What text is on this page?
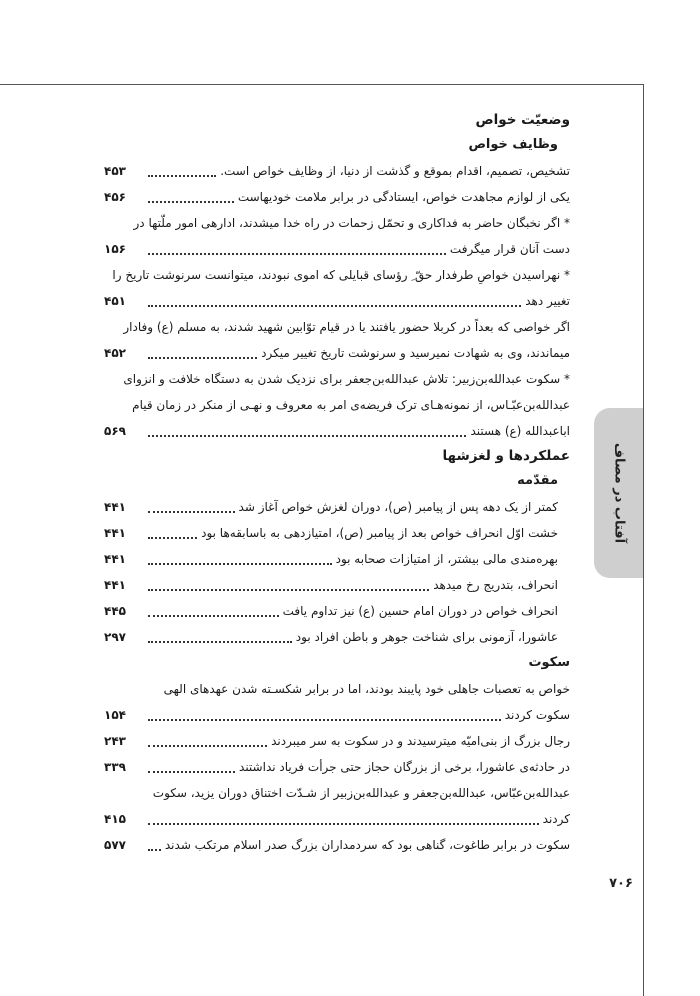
آفتاب در مصاف
۷۰۶
وضعیّت خواص
وظایف خواص
تشخیص، تصمیم، اقدام بموقع و گذشت از دنیا، از وظایف خواص است.
۴۵۳
یکی از لوازم مجاهدت خواص، ایستادگی در برابر ملامت خودیهاست
۴۵۶
* اگر نخبگان حاضر به فداکاری و تحمّل زحمات در راه خدا میشدند، ادارهی امور ملّتها در
دست آنان قرار میگرفت
۱۵۶
* نهراسیدن خواصِ طرفدار حقّ ِ رؤسای قبایلی که اموی نبودند، میتوانست سرنوشت تاریخ را
تغییر دهد
۴۵۱
اگر خواصی که بعداً در کربلا حضور یافتند یا در قیام توّابین شهید شدند، به مسلم (ع) وفادار
میماندند، وی به شهادت نمیرسید و سرنوشت تاریخ تغییر میکرد
۴۵۲
* سکوت عبدالله‌بن‌زبیر: تلاش عبدالله‌بن‌جعفر برای نزدیک شدن به دستگاه خلافت و انزوای
عبدالله‌بن‌عبّـاس، از نمونه‌هـای ترک فریضه‌ی امر به معروف و نهـی از منکر در زمان قیام
اباعبدالله (ع) هستند
۵۶۹
عملکردها و لغزشها
مقدّمه
کمتر از یک دهه پس از پیامبر (ص)، دوران لغزش خواص آغاز شد
۴۴۱
خشت اوّل انحراف خواص بعد از پیامبر (ص)، امتیازدهی به باسابقه‌ها بود
۴۴۱
بهره‌مندی مالی بیشتر، از امتیازات صحابه بود
۴۴۱
انحراف، بتدریج رخ میدهد
۴۴۱
انحراف خواص در دوران امام حسین (ع) نیز تداوم یافت
۴۴۵
عاشورا، آزمونی برای شناخت جوهر و باطن افراد بود
۲۹۷
سکوت
خواص به تعصبات جاهلی خود پایبند بودند، اما در برابر شکسـته شدن عهدهای الهی
سکوت کردند
۱۵۴
رجال بزرگ از بنی‌امیّه میترسیدند و در سکوت به سر میبردند
۲۴۳
در حادثه‌ی عاشورا، برخی از بزرگان حجاز حتی جرأت فریاد نداشتند
۳۳۹
عبدالله‌بن‌عبّاس، عبدالله‌بن‌جعفر و عبدالله‌بن‌زبیر از شـدّت اختناق دوران یزید، سکوت
کردند
۴۱۵
سکوت در برابر طاغوت، گناهی بود که سردمداران بزرگ صدر اسلام مرتکب شدند
۵۷۷
